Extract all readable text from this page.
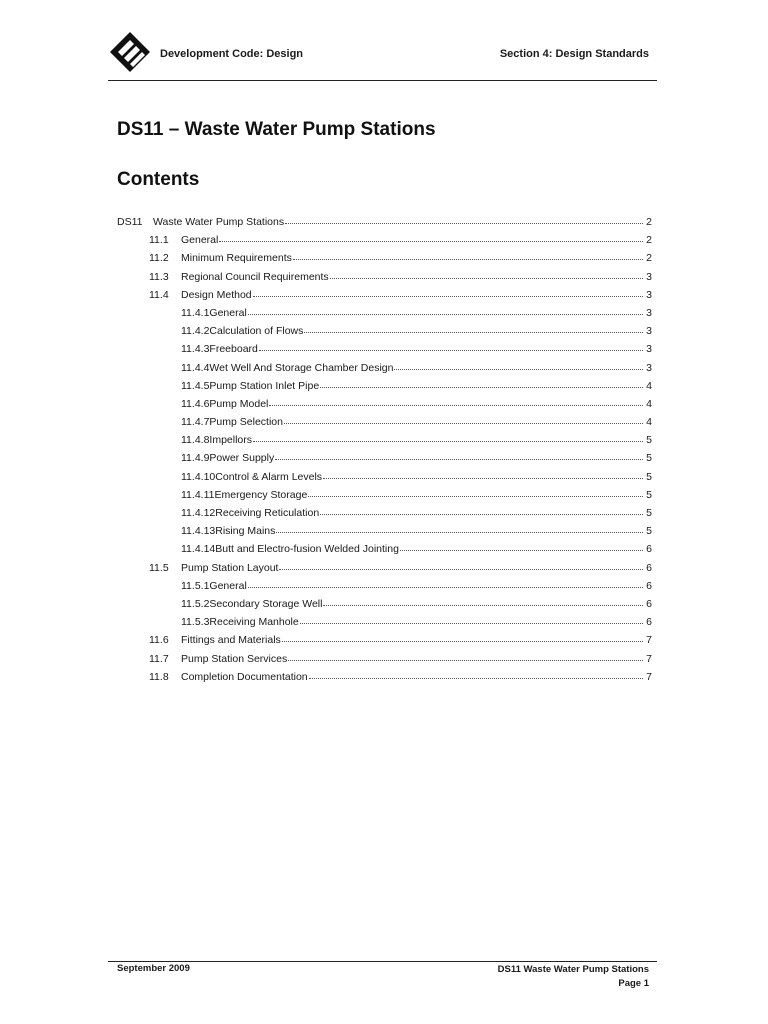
Development Code: Design	Section 4: Design Standards
DS11 – Waste Water Pump Stations
Contents
DS11	Waste Water Pump Stations	2
11.1	General	2
11.2	Minimum Requirements	2
11.3	Regional Council Requirements	3
11.4	Design Method	3
11.4.1 General	3
11.4.2 Calculation of Flows	3
11.4.3 Freeboard	3
11.4.4 Wet Well And Storage Chamber Design	3
11.4.5 Pump Station Inlet Pipe	4
11.4.6 Pump Model	4
11.4.7 Pump Selection	4
11.4.8 Impellors	5
11.4.9 Power Supply	5
11.4.10 Control & Alarm Levels	5
11.4.11 Emergency Storage	5
11.4.12 Receiving Reticulation	5
11.4.13 Rising Mains	5
11.4.14 Butt and Electro-fusion Welded Jointing	6
11.5	Pump Station Layout	6
11.5.1 General	6
11.5.2 Secondary Storage Well	6
11.5.3 Receiving Manhole	6
11.6	Fittings and Materials	7
11.7	Pump Station Services	7
11.8	Completion Documentation	7
September 2009	DS11 Waste Water Pump Stations
Page 1
